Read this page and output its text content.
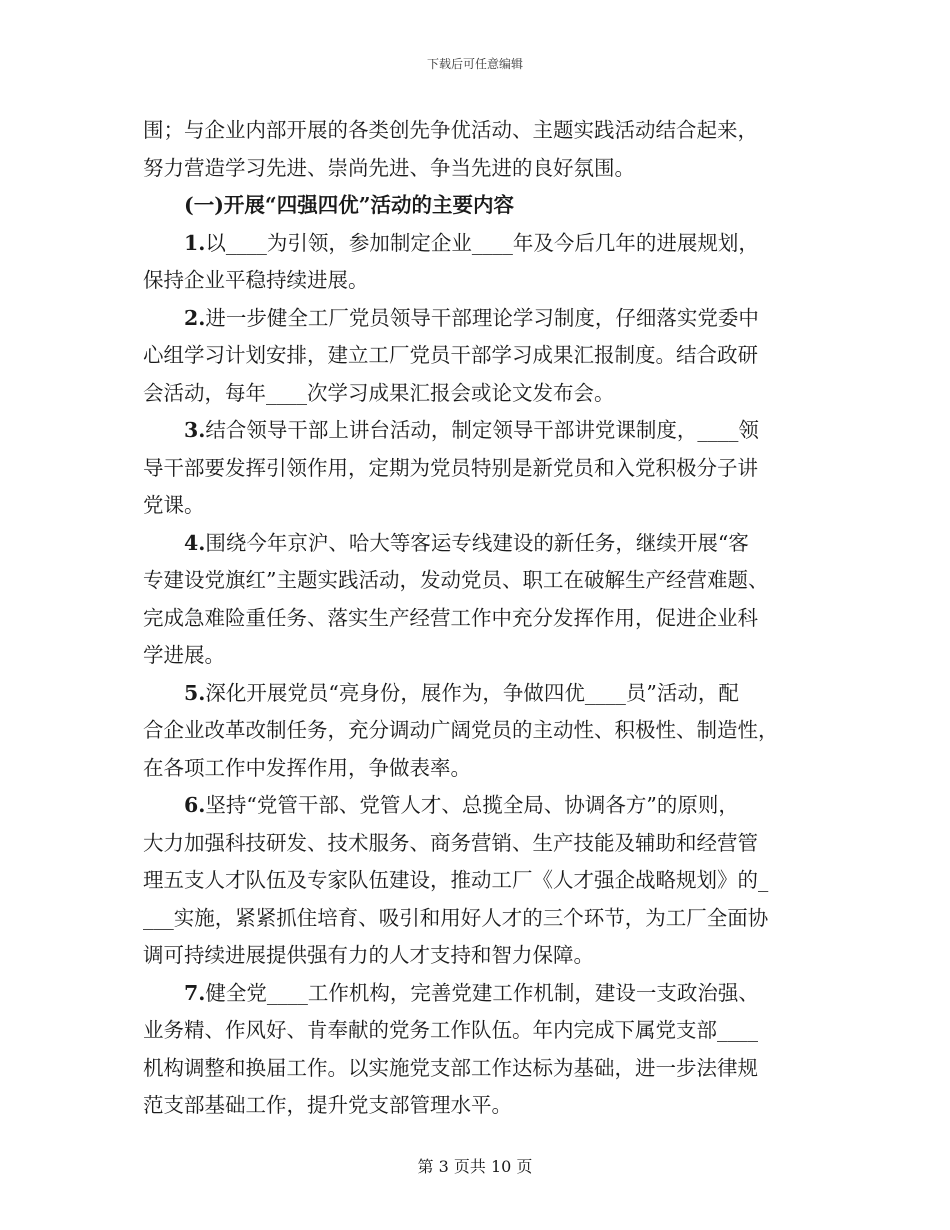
下载后可任意编辑
围；与企业内部开展的各类创先争优活动、主题实践活动结合起来，
努力营造学习先进、崇尚先进、争当先进的良好氛围。
(一)开展“四强四优”活动的主要内容
1.以____为引领，参加制定企业____年及今后几年的进展规划，
保持企业平稳持续进展。
2.进一步健全工厂党员领导干部理论学习制度，仔细落实党委中
心组学习计划安排，建立工厂党员干部学习成果汇报制度。结合政研
会活动，每年____次学习成果汇报会或论文发布会。
3.结合领导干部上讲台活动，制定领导干部讲党课制度，____领
导干部要发挥引领作用，定期为党员特别是新党员和入党积极分子讲
党课。
4.围绕今年京沪、哈大等客运专线建设的新任务，继续开展“客
专建设党旗红”主题实践活动，发动党员、职工在破解生产经营难题、
完成急难险重任务、落实生产经营工作中充分发挥作用，促进企业科
学进展。
5.深化开展党员“亮身份，展作为，争做四优____员”活动，配
合企业改革改制任务，充分调动广阔党员的主动性、积极性、制造性，
在各项工作中发挥作用，争做表率。
6.坚持“党管干部、党管人才、总揽全局、协调各方”的原则，
大力加强科技研发、技术服务、商务营销、生产技能及辅助和经营管
理五支人才队伍及专家队伍建设，推动工厂《人才强企战略规划》的_
___实施，紧紧抓住培育、吸引和用好人才的三个环节，为工厂全面协
调可持续进展提供强有力的人才支持和智力保障。
7.健全党____工作机构，完善党建工作机制，建设一支政治强、
业务精、作风好、肯奉献的党务工作队伍。年内完成下属党支部____
机构调整和换届工作。以实施党支部工作达标为基础，进一步法律规
范支部基础工作，提升党支部管理水平。
第 3 页共 10 页
